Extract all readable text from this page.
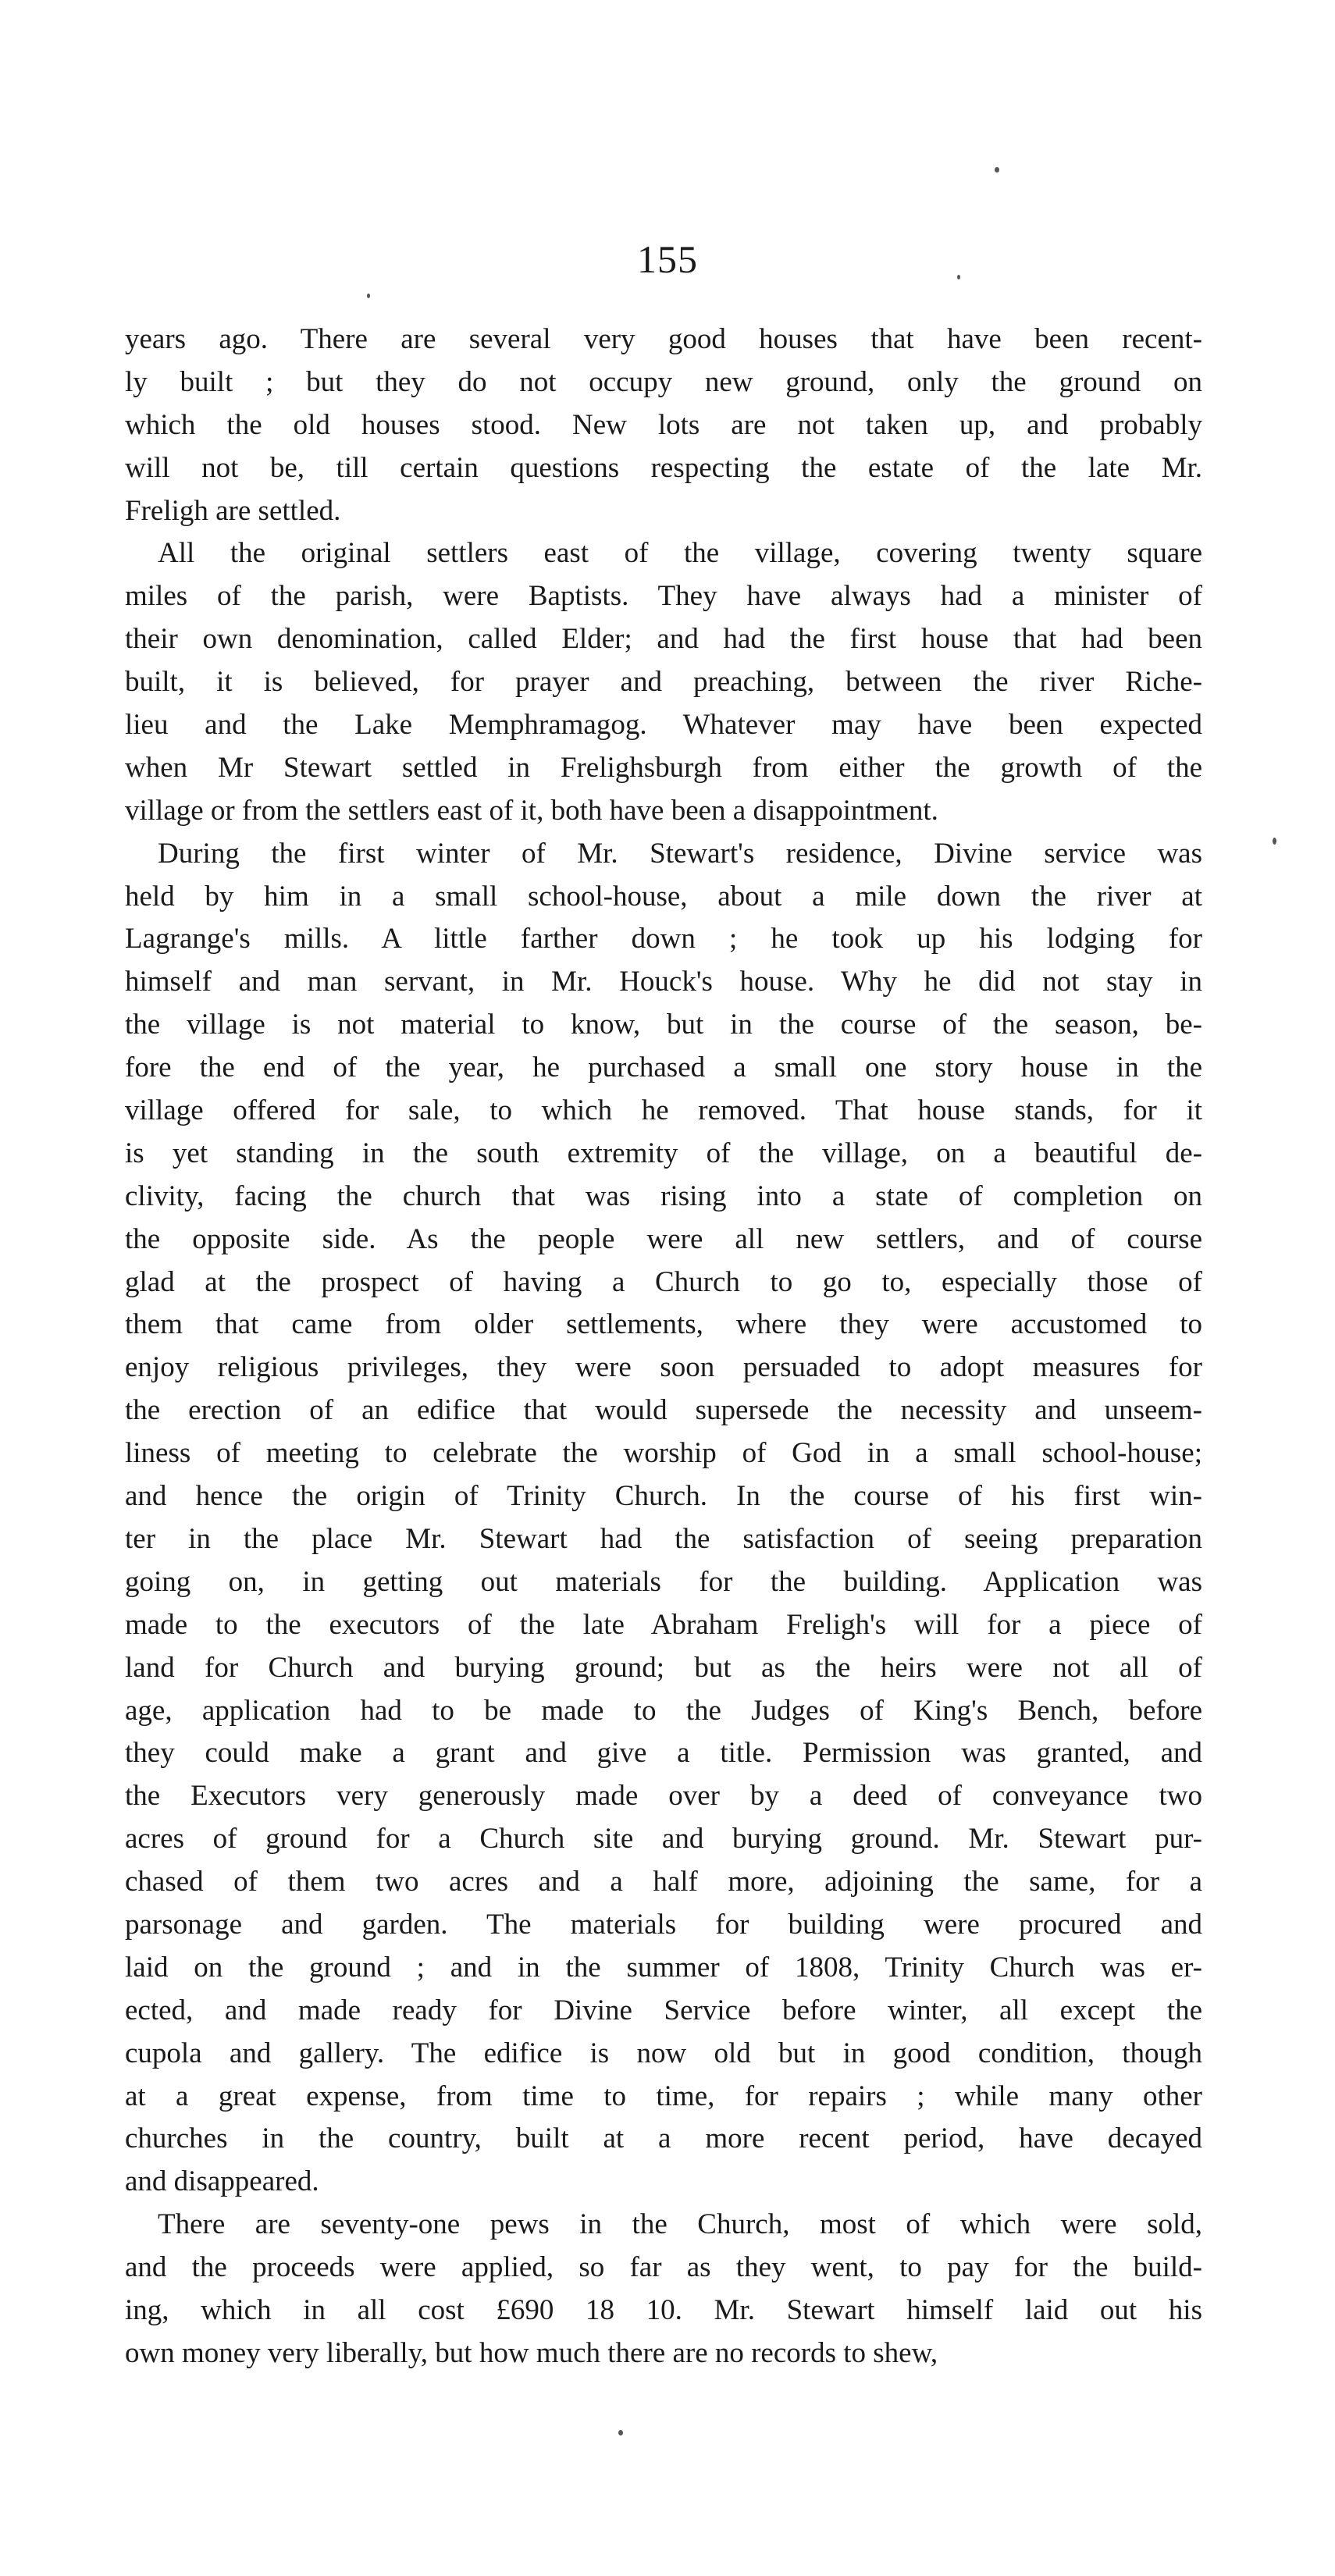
155
years ago. There are several very good houses that have been recent-
ly built ; but they do not occupy new ground, only the ground on
which the old houses stood. New lots are not taken up, and probably
will not be, till certain questions respecting the estate of the late Mr.
Freligh are settled.
All the original settlers east of the village, covering twenty square
miles of the parish, were Baptists. They have always had a minister of
their own denomination, called Elder; and had the first house that had been
built, it is believed, for prayer and preaching, between the river Riche-
lieu and the Lake Memphramagog. Whatever may have been expected
when Mr Stewart settled in Frelighsburgh from either the growth of the
village or from the settlers east of it, both have been a disappointment.
During the first winter of Mr. Stewart's residence, Divine service was
held by him in a small school-house, about a mile down the river at
Lagrange's mills. A little farther down ; he took up his lodging for
himself and man servant, in Mr. Houck's house. Why he did not stay in
the village is not material to know, but in the course of the season, be-
fore the end of the year, he purchased a small one story house in the
village offered for sale, to which he removed. That house stands, for it
is yet standing in the south extremity of the village, on a beautiful de-
clivity, facing the church that was rising into a state of completion on
the opposite side. As the people were all new settlers, and of course
glad at the prospect of having a Church to go to, especially those of
them that came from older settlements, where they were accustomed to
enjoy religious privileges, they were soon persuaded to adopt measures for
the erection of an edifice that would supersede the necessity and unseem-
liness of meeting to celebrate the worship of God in a small school-house;
and hence the origin of Trinity Church. In the course of his first win-
ter in the place Mr. Stewart had the satisfaction of seeing preparation
going on, in getting out materials for the building. Application was
made to the executors of the late Abraham Freligh's will for a piece of
land for Church and burying ground; but as the heirs were not all of
age, application had to be made to the Judges of King's Bench, before
they could make a grant and give a title. Permission was granted, and
the Executors very generously made over by a deed of conveyance two
acres of ground for a Church site and burying ground. Mr. Stewart pur-
chased of them two acres and a half more, adjoining the same, for a
parsonage and garden. The materials for building were procured and
laid on the ground ; and in the summer of 1808, Trinity Church was er-
ected, and made ready for Divine Service before winter, all except the
cupola and gallery. The edifice is now old but in good condition, though
at a great expense, from time to time, for repairs ; while many other
churches in the country, built at a more recent period, have decayed
and disappeared.
There are seventy-one pews in the Church, most of which were sold,
and the proceeds were applied, so far as they went, to pay for the build-
ing, which in all cost £690 18 10. Mr. Stewart himself laid out his
own money very liberally, but how much there are no records to shew,
